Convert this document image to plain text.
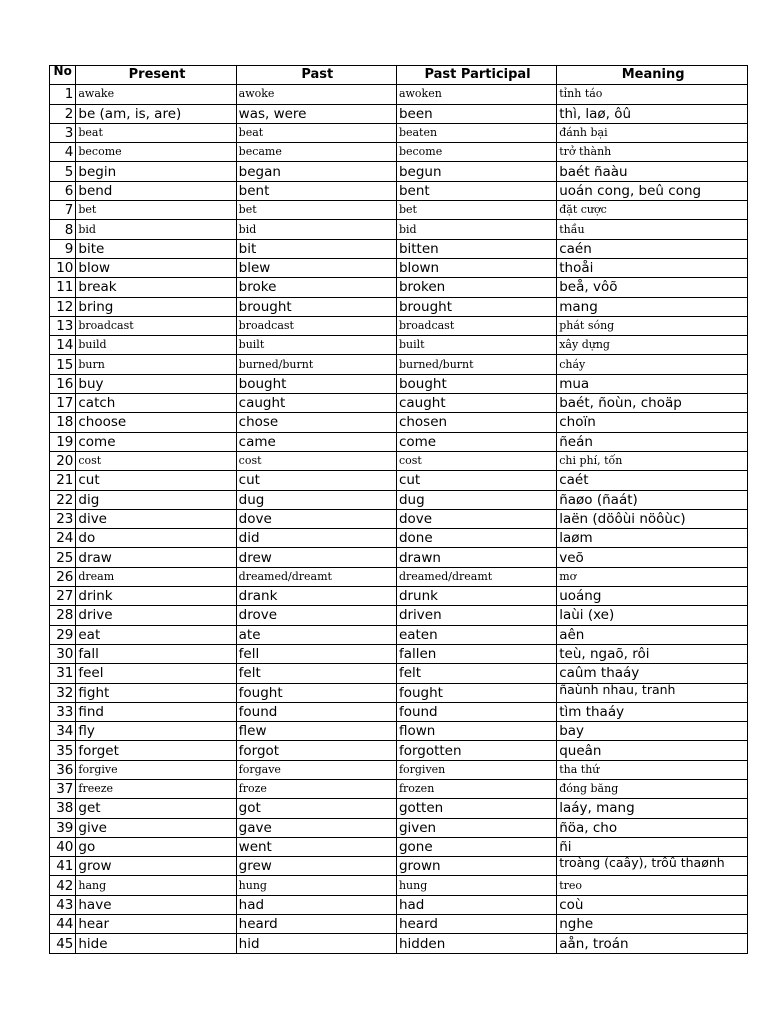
No	Present	Past	Past Participal	Meaning
1	awake	awoke	awoken	tỉnh táo
2	be (am, is, are)	was, were	been	thì, laø, ôû
3	beat	beat	beaten	đánh bại
4	become	became	become	trở thành
5	begin	began	begun	baét ñaàu
6	bend	bent	bent	uoán cong, beû cong
7	bet	bet	bet	đặt cược
8	bid	bid	bid	thầu
9	bite	bit	bitten	caén
10	blow	blew	blown	thoåi
11	break	broke	broken	beå, vôõ
12	bring	brought	brought	mang
13	broadcast	broadcast	broadcast	phát sóng
14	build	built	built	xây dựng
15	burn	burned/burnt	burned/burnt	cháy
16	buy	bought	bought	mua
17	catch	caught	caught	baét, ñoùn, choäp
18	choose	chose	chosen	choïn
19	come	came	come	ñeán
20	cost	cost	cost	chi phí, tốn
21	cut	cut	cut	caét
22	dig	dug	dug	ñaøo (ñaát)
23	dive	dove	dove	laën (döôùi nöôùc)
24	do	did	done	laøm
25	draw	drew	drawn	veõ
26	dream	dreamed/dreamt	dreamed/dreamt	mơ
27	drink	drank	drunk	uoáng
28	drive	drove	driven	laùi (xe)
29	eat	ate	eaten	aên
30	fall	fell	fallen	teù, ngaõ, rôi
31	feel	felt	felt	caûm thaáy
32	fight	fought	fought	ñaùnh nhau, tranh
33	find	found	found	tìm thaáy
34	fly	flew	flown	bay
35	forget	forgot	forgotten	queân
36	forgive	forgave	forgiven	tha thứ
37	freeze	froze	frozen	đóng băng
38	get	got	gotten	laáy, mang
39	give	gave	given	ñöa, cho
40	go	went	gone	ñi
41	grow	grew	grown	troàng (caây), trôû thaønh
42	hang	hung	hung	treo
43	have	had	had	coù
44	hear	heard	heard	nghe
45	hide	hid	hidden	aån, troán
